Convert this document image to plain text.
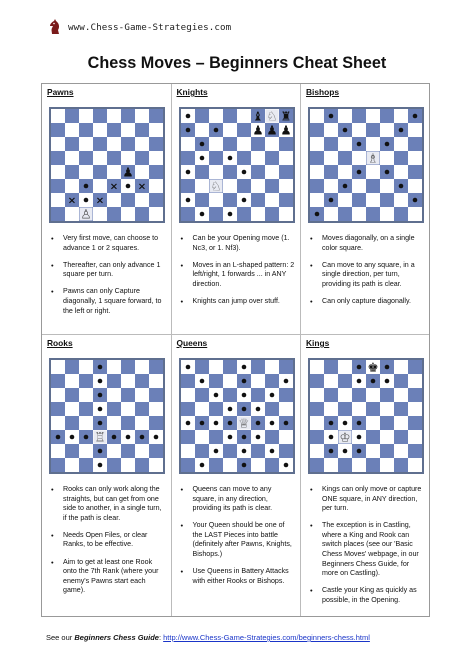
www.Chess-Game-Strategies.com
Chess Moves – Beginners Cheat Sheet
Pawns
× ×
× ×
♟
♙
• Very first move, can choose to advance 1 or 2 squares.
• Thereafter, can only advance 1 square per turn.
• Pawns can only Capture diagonally, 1 square forward, to the left or right.
Knights
♘
♝ ♘ ♜
♟ ♟ ♟
• Can be your Opening move (1. Nc3, or 1. Nf3).
• Moves in an L-shaped pattern: 2 left/right, 1 forwards ... in ANY direction.
• Knights can jump over stuff.
Bishops
♗
• Moves diagonally, on a single color square.
• Can move to any square, in a single direction, per turn, providing its path is clear.
• Can only capture diagonally.
Rooks
♖
• Rooks can only work along the straights, but can get from one side to another, in a single turn, if the path is clear.
• Needs Open Files, or clear Ranks, to be effective.
• Aim to get at least one Rook onto the 7th Rank (where your enemy's Pawns start each game).
Queens
♕
• Queens can move to any square, in any direction, providing its path is clear.
• Your Queen should be one of the LAST Pieces into battle (definitely after Pawns, Knights, Bishops.)
• Use Queens in Battery Attacks with either Rooks or Bishops.
Kings
♚
♔
• Kings can only move or capture ONE square, in ANY direction, per turn.
• The exception is in Castling, where a King and Rook can switch places (see our 'Basic Chess Moves' webpage, in our Beginners Chess Guide, for more on Castling).
• Castle your King as quickly as possible, in the Opening.
See our Beginners Chess Guide: http://www.Chess-Game-Strategies.com/beginners-chess.html
